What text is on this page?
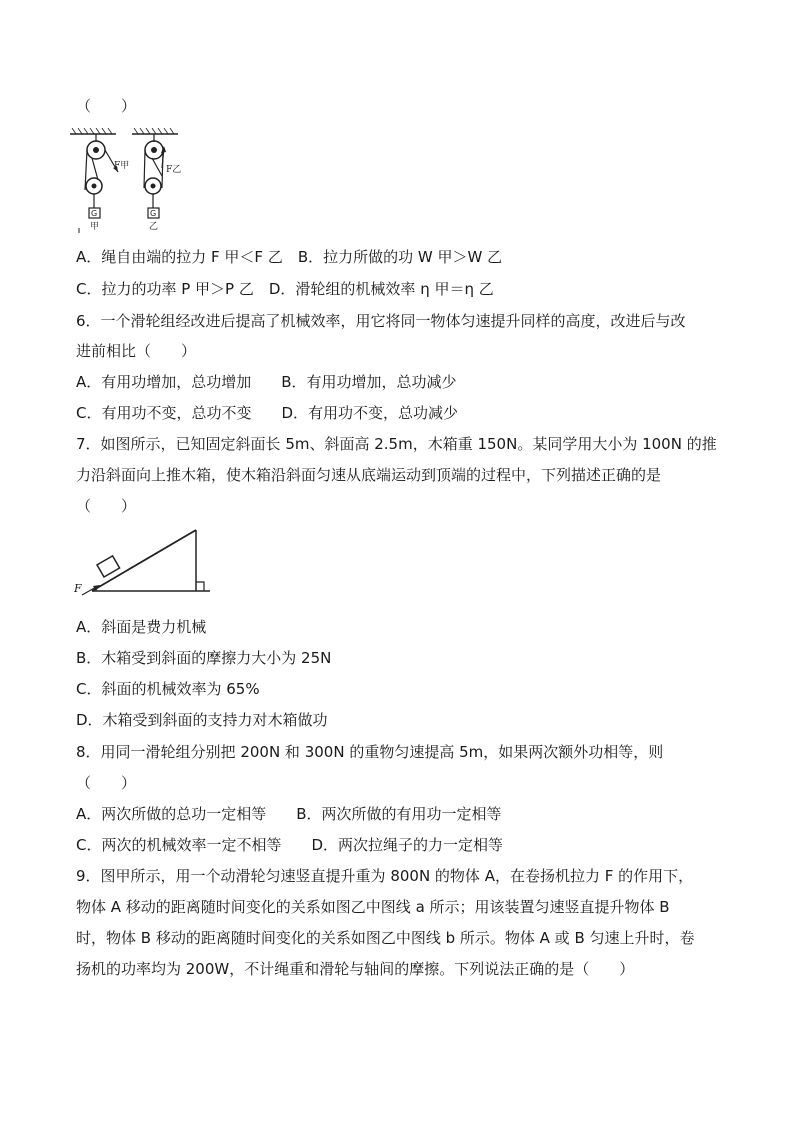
（　　）
F甲	F乙
G	G
甲	乙
A．绳自由端的拉力 F 甲＜F 乙　B．拉力所做的功 W 甲＞W 乙
C．拉力的功率 P 甲＞P 乙　D．滑轮组的机械效率 η 甲＝η 乙
6．一个滑轮组经改进后提高了机械效率，用它将同一物体匀速提升同样的高度，改进后与改
进前相比（　　）
A．有用功增加，总功增加　　B．有用功增加，总功减少
C．有用功不变，总功不变　　D．有用功不变，总功减少
7．如图所示，已知固定斜面长 5m、斜面高 2.5m，木箱重 150N。某同学用大小为 100N 的推
力沿斜面向上推木箱，使木箱沿斜面匀速从底端运动到顶端的过程中，下列描述正确的是
（　　）
F
A．斜面是费力机械
B．木箱受到斜面的摩擦力大小为 25N
C．斜面的机械效率为 65%
D．木箱受到斜面的支持力对木箱做功
8．用同一滑轮组分别把 200N 和 300N 的重物匀速提高 5m，如果两次额外功相等，则
（　　）
A．两次所做的总功一定相等　　B．两次所做的有用功一定相等
C．两次的机械效率一定不相等　　D．两次拉绳子的力一定相等
9．图甲所示，用一个动滑轮匀速竖直提升重为 800N 的物体 A，在卷扬机拉力 F 的作用下，
物体 A 移动的距离随时间变化的关系如图乙中图线 a 所示；用该装置匀速竖直提升物体 B
时，物体 B 移动的距离随时间变化的关系如图乙中图线 b 所示。物体 A 或 B 匀速上升时，卷
扬机的功率均为 200W，不计绳重和滑轮与轴间的摩擦。下列说法正确的是（　　）
